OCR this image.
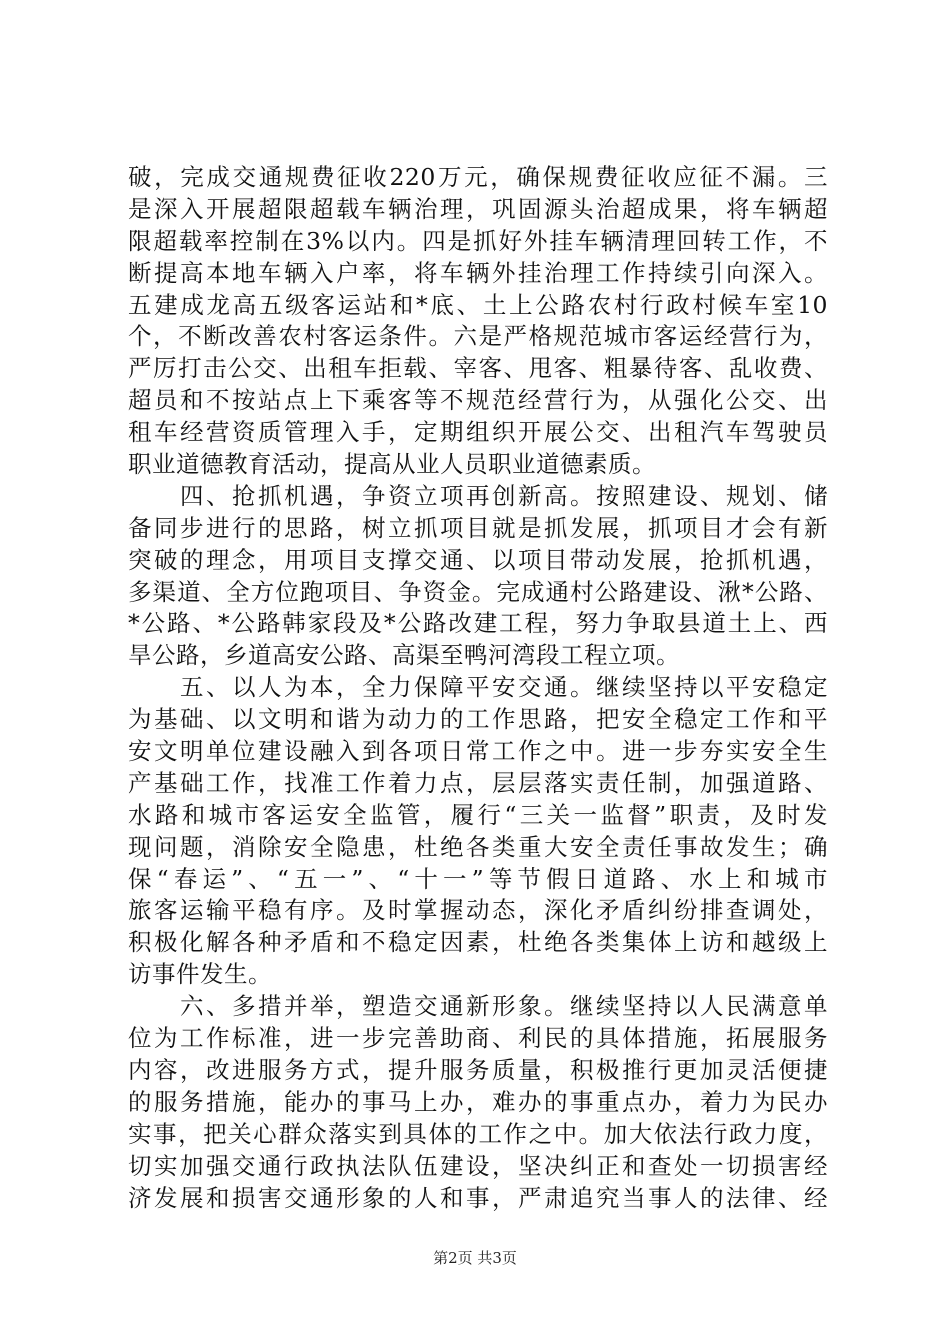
破，完成交通规费征收220万元，确保规费征收应征不漏。三
是深入开展超限超载车辆治理，巩固源头治超成果，将车辆超
限超载率控制在3%以内。四是抓好外挂车辆清理回转工作，不
断提高本地车辆入户率，将车辆外挂治理工作持续引向深入。
五建成龙高五级客运站和*底、土上公路农村行政村候车室10
个，不断改善农村客运条件。六是严格规范城市客运经营行为，
严厉打击公交、出租车拒载、宰客、甩客、粗暴待客、乱收费、
超员和不按站点上下乘客等不规范经营行为，从强化公交、出
租车经营资质管理入手，定期组织开展公交、出租汽车驾驶员
职业道德教育活动，提高从业人员职业道德素质。
　　四、抢抓机遇，争资立项再创新高。按照建设、规划、储
备同步进行的思路，树立抓项目就是抓发展，抓项目才会有新
突破的理念，用项目支撑交通、以项目带动发展，抢抓机遇，
多渠道、全方位跑项目、争资金。完成通村公路建设、湫*公路、
*公路、*公路韩家段及*公路改建工程，努力争取县道土上、西
旱公路，乡道高安公路、高渠至鸭河湾段工程立项。
　　五、以人为本，全力保障平安交通。继续坚持以平安稳定
为基础、以文明和谐为动力的工作思路，把安全稳定工作和平
安文明单位建设融入到各项日常工作之中。进一步夯实安全生
产基础工作，找准工作着力点，层层落实责任制，加强道路、
水路和城市客运安全监管，履行“三关一监督”职责，及时发
现问题，消除安全隐患，杜绝各类重大安全责任事故发生；确
保“春运”、“五一”、“十一”等节假日道路、水上和城市
旅客运输平稳有序。及时掌握动态，深化矛盾纠纷排查调处，
积极化解各种矛盾和不稳定因素，杜绝各类集体上访和越级上
访事件发生。
　　六、多措并举，塑造交通新形象。继续坚持以人民满意单
位为工作标准，进一步完善助商、利民的具体措施，拓展服务
内容，改进服务方式，提升服务质量，积极推行更加灵活便捷
的服务措施，能办的事马上办，难办的事重点办，着力为民办
实事，把关心群众落实到具体的工作之中。加大依法行政力度，
切实加强交通行政执法队伍建设，坚决纠正和查处一切损害经
济发展和损害交通形象的人和事，严肃追究当事人的法律、经
第2页 共3页
